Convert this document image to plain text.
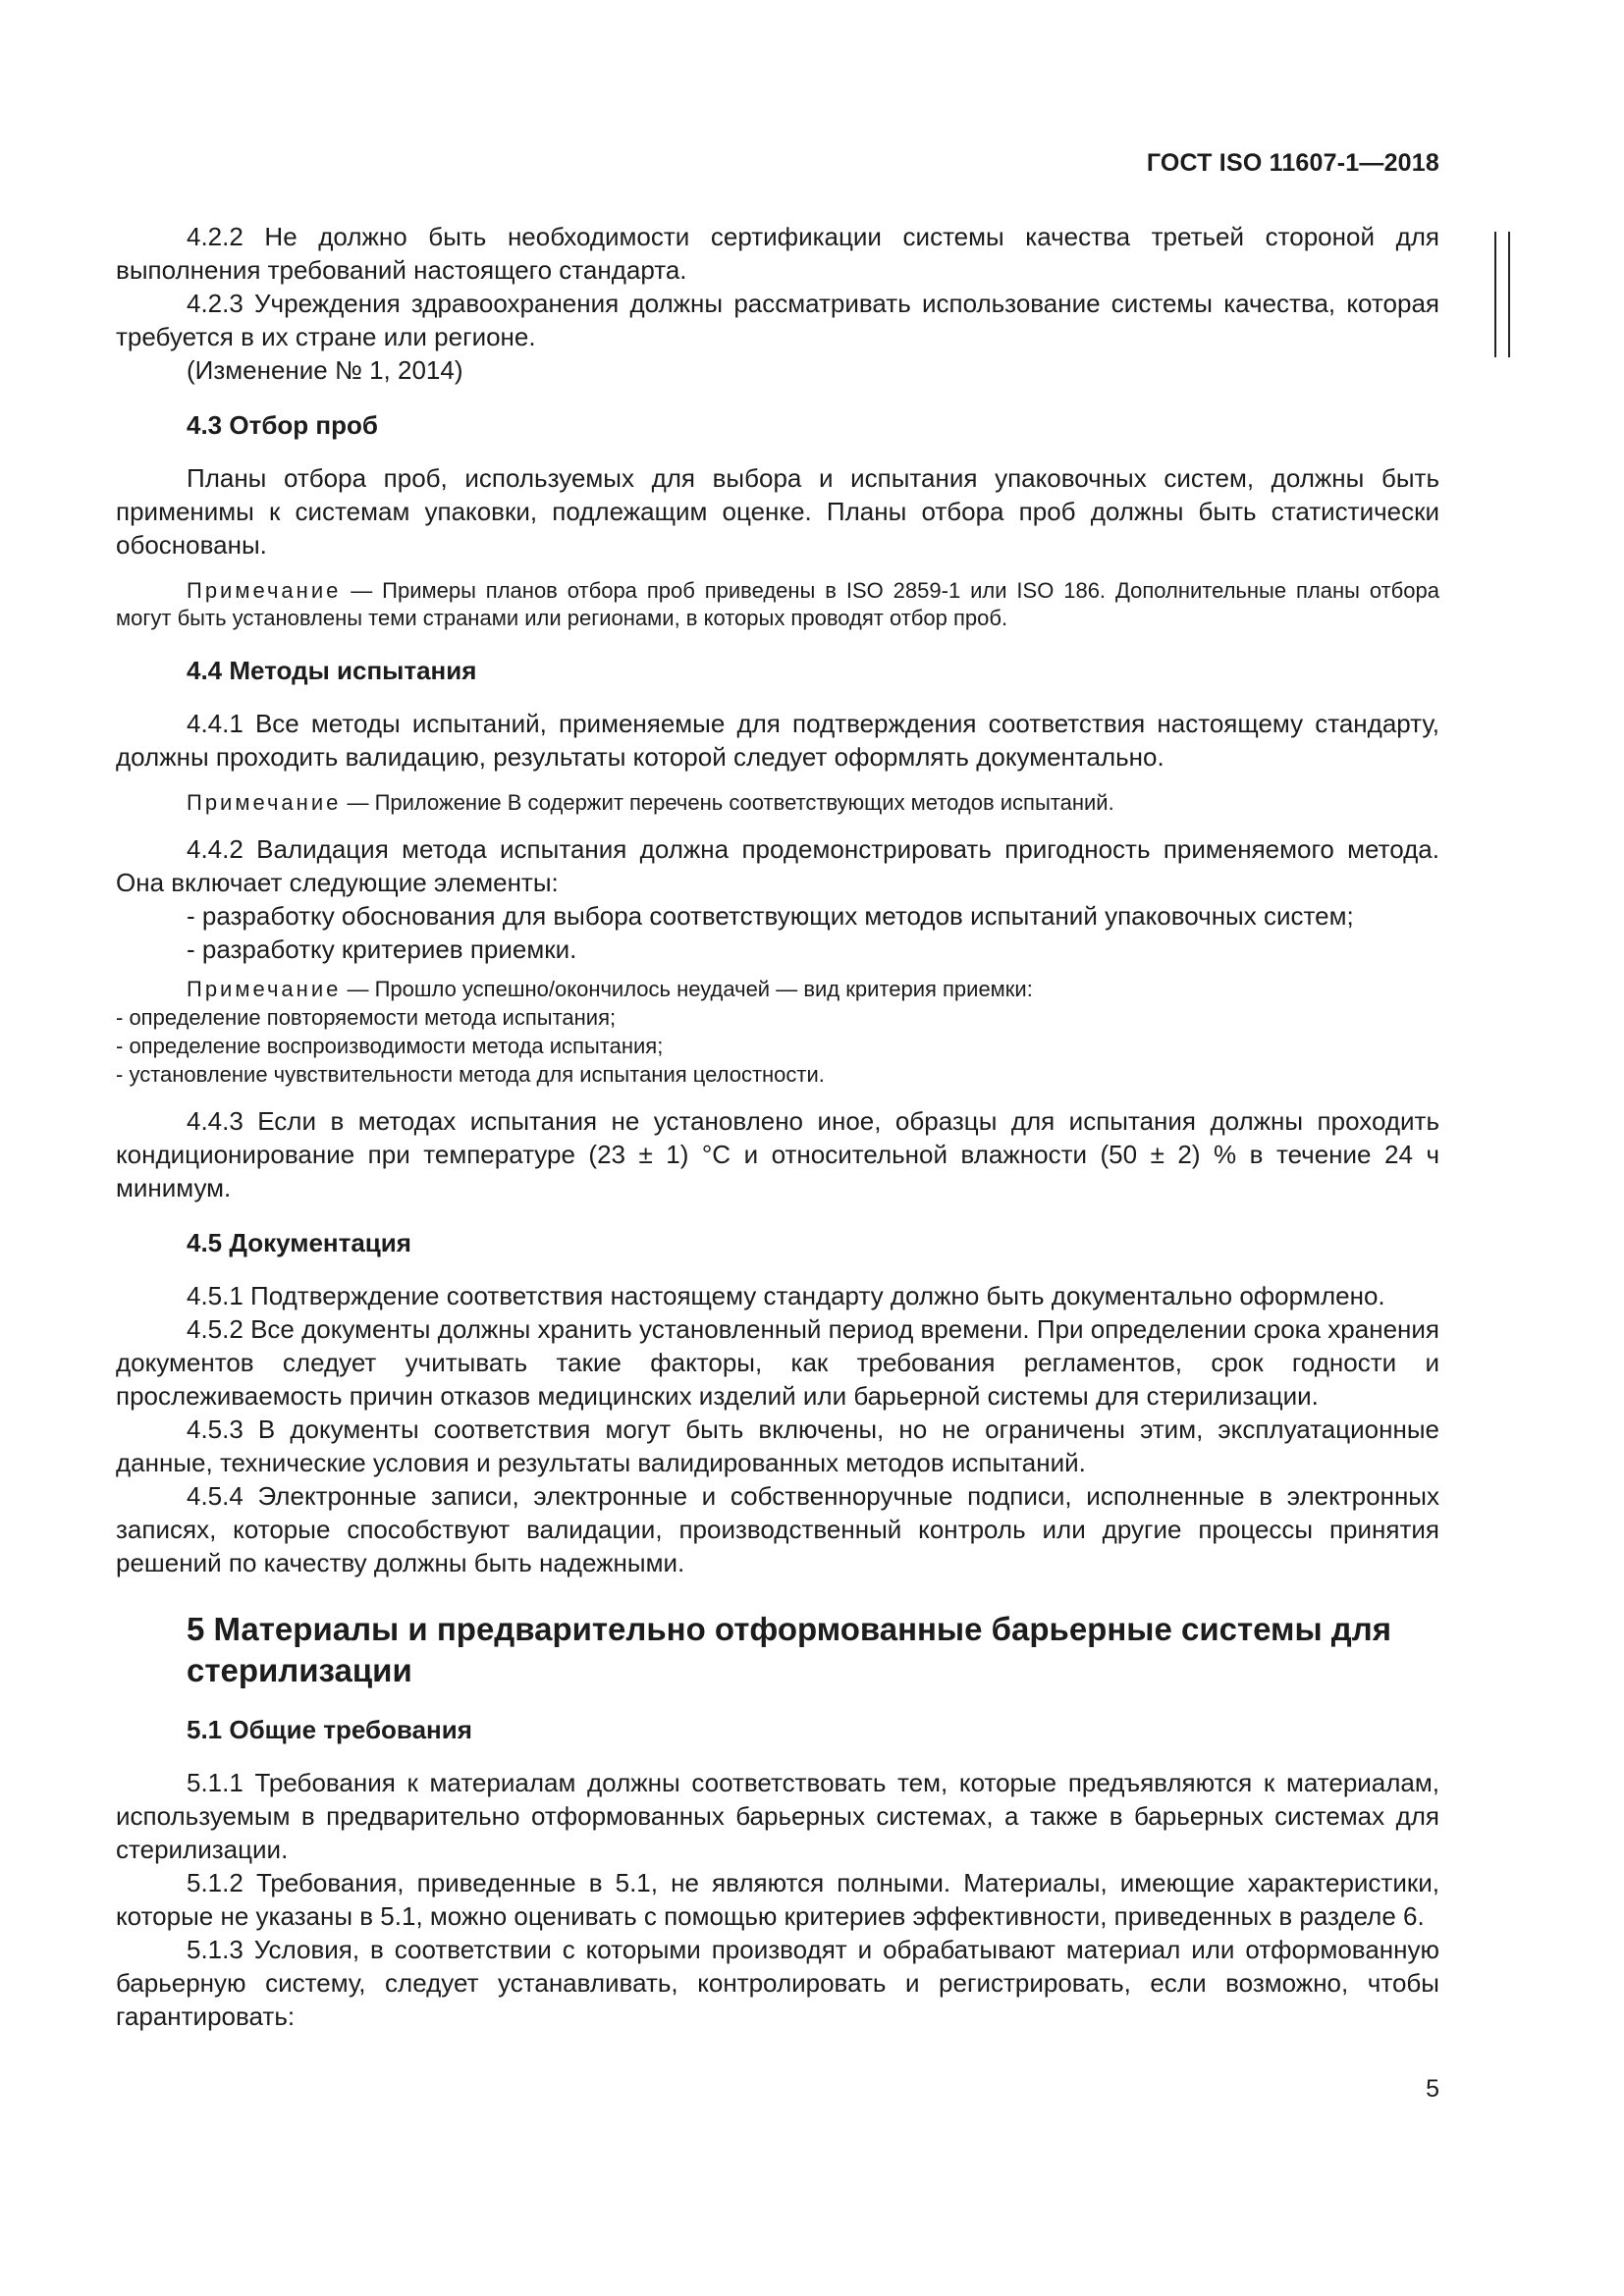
ГОСТ ISO 11607-1—2018

4.2.2 Не должно быть необходимости сертификации системы качества третьей стороной для выполнения требований настоящего стандарта.

4.2.3 Учреждения здравоохранения должны рассматривать использование системы качества, которая требуется в их стране или регионе.

(Изменение № 1, 2014)

4.3 Отбор проб

Планы отбора проб, используемых для выбора и испытания упаковочных систем, должны быть применимы к системам упаковки, подлежащим оценке. Планы отбора проб должны быть статистически обоснованы.

Примечание — Примеры планов отбора проб приведены в ISO 2859-1 или ISO 186. Дополнительные планы отбора могут быть установлены теми странами или регионами, в которых проводят отбор проб.

4.4 Методы испытания

4.4.1 Все методы испытаний, применяемые для подтверждения соответствия настоящему стандарту, должны проходить валидацию, результаты которой следует оформлять документально.

Примечание — Приложение В содержит перечень соответствующих методов испытаний.

4.4.2 Валидация метода испытания должна продемонстрировать пригодность применяемого метода. Она включает следующие элементы:

- разработку обоснования для выбора соответствующих методов испытаний упаковочных систем;

- разработку критериев приемки.

Примечание — Прошло успешно/окончилось неудачей — вид критерия приемки:

- определение повторяемости метода испытания;

- определение воспроизводимости метода испытания;

- установление чувствительности метода для испытания целостности.

4.4.3 Если в методах испытания не установлено иное, образцы для испытания должны проходить кондиционирование при температуре (23 ± 1) °С и относительной влажности (50 ± 2) % в течение 24 ч минимум.

4.5 Документация

4.5.1 Подтверждение соответствия настоящему стандарту должно быть документально оформлено.

4.5.2 Все документы должны хранить установленный период времени. При определении срока хранения документов следует учитывать такие факторы, как требования регламентов, срок годности и прослеживаемость причин отказов медицинских изделий или барьерной системы для стерилизации.

4.5.3 В документы соответствия могут быть включены, но не ограничены этим, эксплуатационные данные, технические условия и результаты валидированных методов испытаний.

4.5.4 Электронные записи, электронные и собственноручные подписи, исполненные в электронных записях, которые способствуют валидации, производственный контроль или другие процессы принятия решений по качеству должны быть надежными.

5 Материалы и предварительно отформованные барьерные системы для стерилизации
5.1 Общие требования

5.1.1 Требования к материалам должны соответствовать тем, которые предъявляются к материалам, используемым в предварительно отформованных барьерных системах, а также в барьерных системах для стерилизации.

5.1.2 Требования, приведенные в 5.1, не являются полными. Материалы, имеющие характеристики, которые не указаны в 5.1, можно оценивать с помощью критериев эффективности, приведенных в разделе 6.

5.1.3 Условия, в соответствии с которыми производят и обрабатывают материал или отформованную барьерную систему, следует устанавливать, контролировать и регистрировать, если возможно, чтобы гарантировать:

5
